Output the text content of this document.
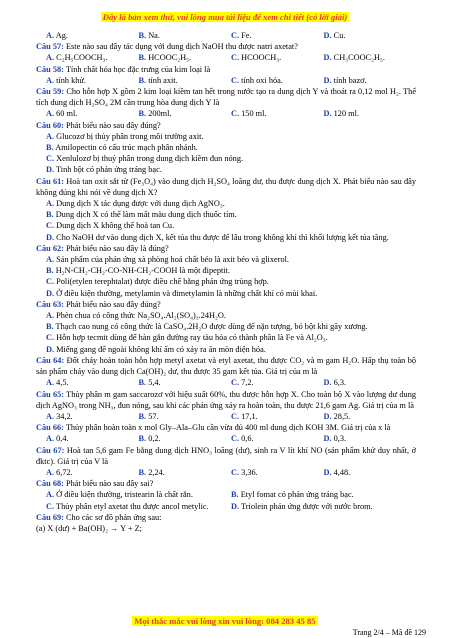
Đây là bản xem thử, vui lòng mua tài liệu để xem chi tiết (có lời giải)
A. Ag.	B. Na.	C. Fe.	D. Cu.
Câu 57: Este nào sau đây tác dụng với dung dịch NaOH thu được natri axetat?
A. C₂H₅COOCH₃.	B. HCOOC₂H₅.	C. HCOOCH₃.	D. CH₃COOC₂H₅.
Câu 58: Tính chất hóa học đặc trưng của kim loại là
A. tính khử.	B. tính axit.	C. tính oxi hóa.	D. tính bazơ.
Câu 59: Cho hỗn hợp X gồm 2 kim loại kiềm tan hết trong nước tạo ra dung dịch Y và thoát ra 0,12 mol H₂. Thể tích dung dịch H₂SO₄ 2M cần trung hòa dung dịch Y là
A. 60 ml.	B. 200ml.	C. 150 ml.	D. 120 ml.
Câu 60: Phát biểu nào sau đây đúng?
A. Glucozơ bị thủy phân trong môi trường axit.
B. Amilopectin có cấu trúc mạch phân nhánh.
C. Xenlulozơ bị thuỷ phân trong dung dịch kiềm đun nóng.
D. Tinh bột có phản ứng tráng bạc.
Câu 61: Hoà tan oxit sắt từ (Fe₃O₄) vào dung dịch H₂SO₄ loãng dư, thu được dung dịch X. Phát biểu nào sau đây không đúng khi nói về dung dịch X?
A. Dung dịch X tác dụng được với dung dịch AgNO₃.
B. Dung dịch X có thể làm mất màu dung dịch thuốc tím.
C. Dung dịch X không thể hoà tan Cu.
D. Cho NaOH dư vào dung dịch X, kết tủa thu được để lâu trong không khí thì khối lượng kết tủa tăng.
Câu 62: Phát biểu nào sau đây là đúng?
A. Sản phẩm của phản ứng xà phòng hoá chất béo là axit béo và glixerol.
B. H₂N-CH₂-CH₂-CO-NH-CH₂-COOH là một đipeptit.
C. Poli(etylen terephtalat) được điều chế bằng phản ứng trùng hợp.
D. Ở điều kiện thường, metylamin và đimetylamin là những chất khí có mùi khai.
Câu 63: Phát biểu nào sau đây đúng?
A. Phèn chua có công thức Na₂SO₄.Al₂(SO₄)₃.24H₂O.
B. Thạch cao nung có công thức là CaSO₄.2H₂O được dùng để nặn tượng, bó bột khi gãy xương.
C. Hỗn hợp tecmit dùng để hàn gắn đường ray tàu hỏa có thành phần là Fe và Al₂O₃.
D. Miếng gang để ngoài không khí ẩm có xảy ra ăn mòn điện hóa.
Câu 64: Đốt cháy hoàn toàn hỗn hợp metyl axetat và etyl axetat, thu được CO₂ và m gam H₂O. Hấp thụ toàn bộ sản phẩm cháy vào dung dịch Ca(OH)₂ dư, thu được 35 gam kết tủa. Giá trị của m là
A. 4,5.	B. 5,4.	C. 7,2.	D. 6,3.
Câu 65: Thủy phân m gam saccarozơ với hiệu suất 60%, thu được hỗn hợp X. Cho toàn bộ X vào lượng dư dung dịch AgNO₃ trong NH₃, đun nóng, sau khi các phản ứng xảy ra hoàn toàn, thu được 21,6 gam Ag. Giá trị của m là
A. 34,2.	B. 57.	C. 17,1.	D. 28,5.
Câu 66: Thủy phân hoàn toàn x mol Gly–Ala–Glu cần vừa đủ 400 ml dung dịch KOH 3M. Giá trị của x là
A. 0,4.	B. 0,2.	C. 0,6.	D. 0,3.
Câu 67: Hoà tan 5,6 gam Fe bằng dung dịch HNO₃ loãng (dư), sinh ra V lít khí NO (sản phẩm khử duy nhất, ở đktc). Giá trị của V là
A. 6,72.	B. 2,24.	C. 3,36.	D. 4,48.
Câu 68: Phát biểu nào sau đây sai?
A. Ở điều kiện thường, tristearin là chất rắn.	B. Etyl fomat có phản ứng tráng bạc.
C. Thủy phân etyl axetat thu được ancol metylic.	D. Triolein phản ứng được với nước brom.
Câu 69: Cho các sơ đồ phản ứng sau:
(a) X (dư) + Ba(OH)₂ → Y + Z;
Mọi thắc mắc vui lòng xin vui lòng: 084 283 45 85
Trang 2/4 – Mã đề 129
